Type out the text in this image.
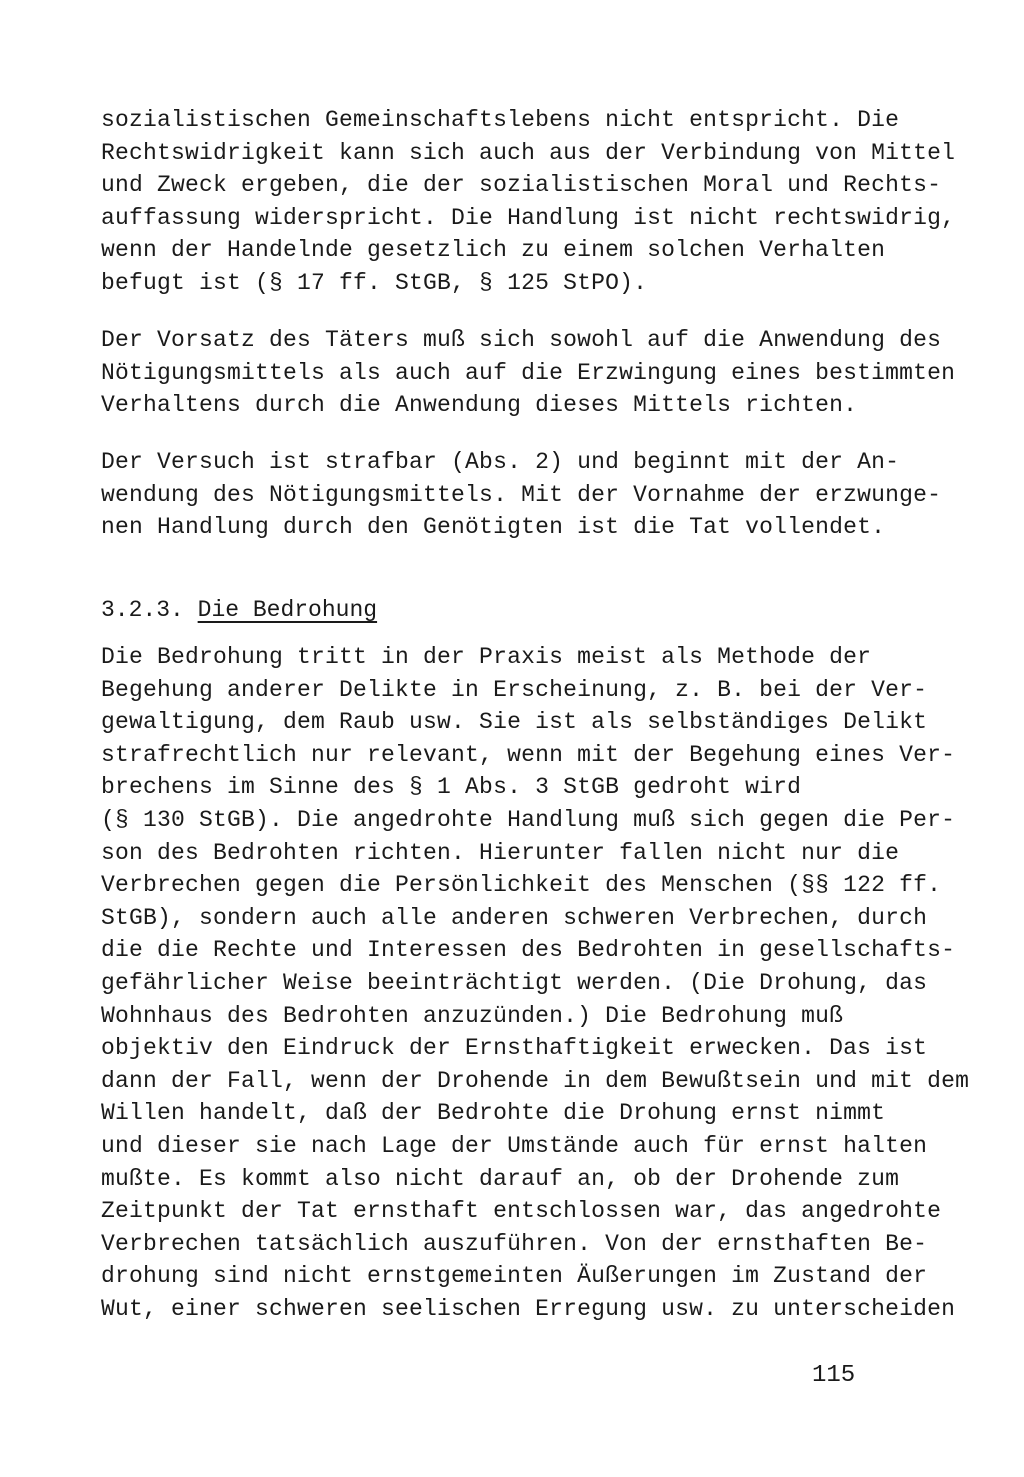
sozialistischen Gemeinschaftslebens nicht entspricht. Die
Rechtswidrigkeit kann sich auch aus der Verbindung von Mittel
und Zweck ergeben, die der sozialistischen Moral und Rechts-
auffassung widerspricht. Die Handlung ist nicht rechtswidrig,
wenn der Handelnde gesetzlich zu einem solchen Verhalten
befugt ist (§ 17 ff. StGB, § 125 StPO).
Der Vorsatz des Täters muß sich sowohl auf die Anwendung des
Nötigungsmittels als auch auf die Erzwingung eines bestimmten
Verhaltens durch die Anwendung dieses Mittels richten.
Der Versuch ist strafbar (Abs. 2) und beginnt mit der An-
wendung des Nötigungsmittels. Mit der Vornahme der erzwunge-
nen Handlung durch den Genötigten ist die Tat vollendet.
3.2.3. Die Bedrohung
Die Bedrohung tritt in der Praxis meist als Methode der
Begehung anderer Delikte in Erscheinung, z. B. bei der Ver-
gewaltigung, dem Raub usw. Sie ist als selbständiges Delikt
strafrechtlich nur relevant, wenn mit der Begehung eines Ver-
brechens im Sinne des § 1 Abs. 3 StGB gedroht wird
(§ 130 StGB). Die angedrohte Handlung muß sich gegen die Per-
son des Bedrohten richten. Hierunter fallen nicht nur die
Verbrechen gegen die Persönlichkeit des Menschen (§§ 122 ff.
StGB), sondern auch alle anderen schweren Verbrechen, durch
die die Rechte und Interessen des Bedrohten in gesellschafts-
gefährlicher Weise beeinträchtigt werden. (Die Drohung, das
Wohnhaus des Bedrohten anzuzünden.) Die Bedrohung muß
objektiv den Eindruck der Ernsthaftigkeit erwecken. Das ist
dann der Fall, wenn der Drohende in dem Bewußtsein und mit dem
Willen handelt, daß der Bedrohte die Drohung ernst nimmt
und dieser sie nach Lage der Umstände auch für ernst halten
mußte. Es kommt also nicht darauf an, ob der Drohende zum
Zeitpunkt der Tat ernsthaft entschlossen war, das angedrohte
Verbrechen tatsächlich auszuführen. Von der ernsthaften Be-
drohung sind nicht ernstgemeinten Äußerungen im Zustand der
Wut, einer schweren seelischen Erregung usw. zu unterscheiden
115
